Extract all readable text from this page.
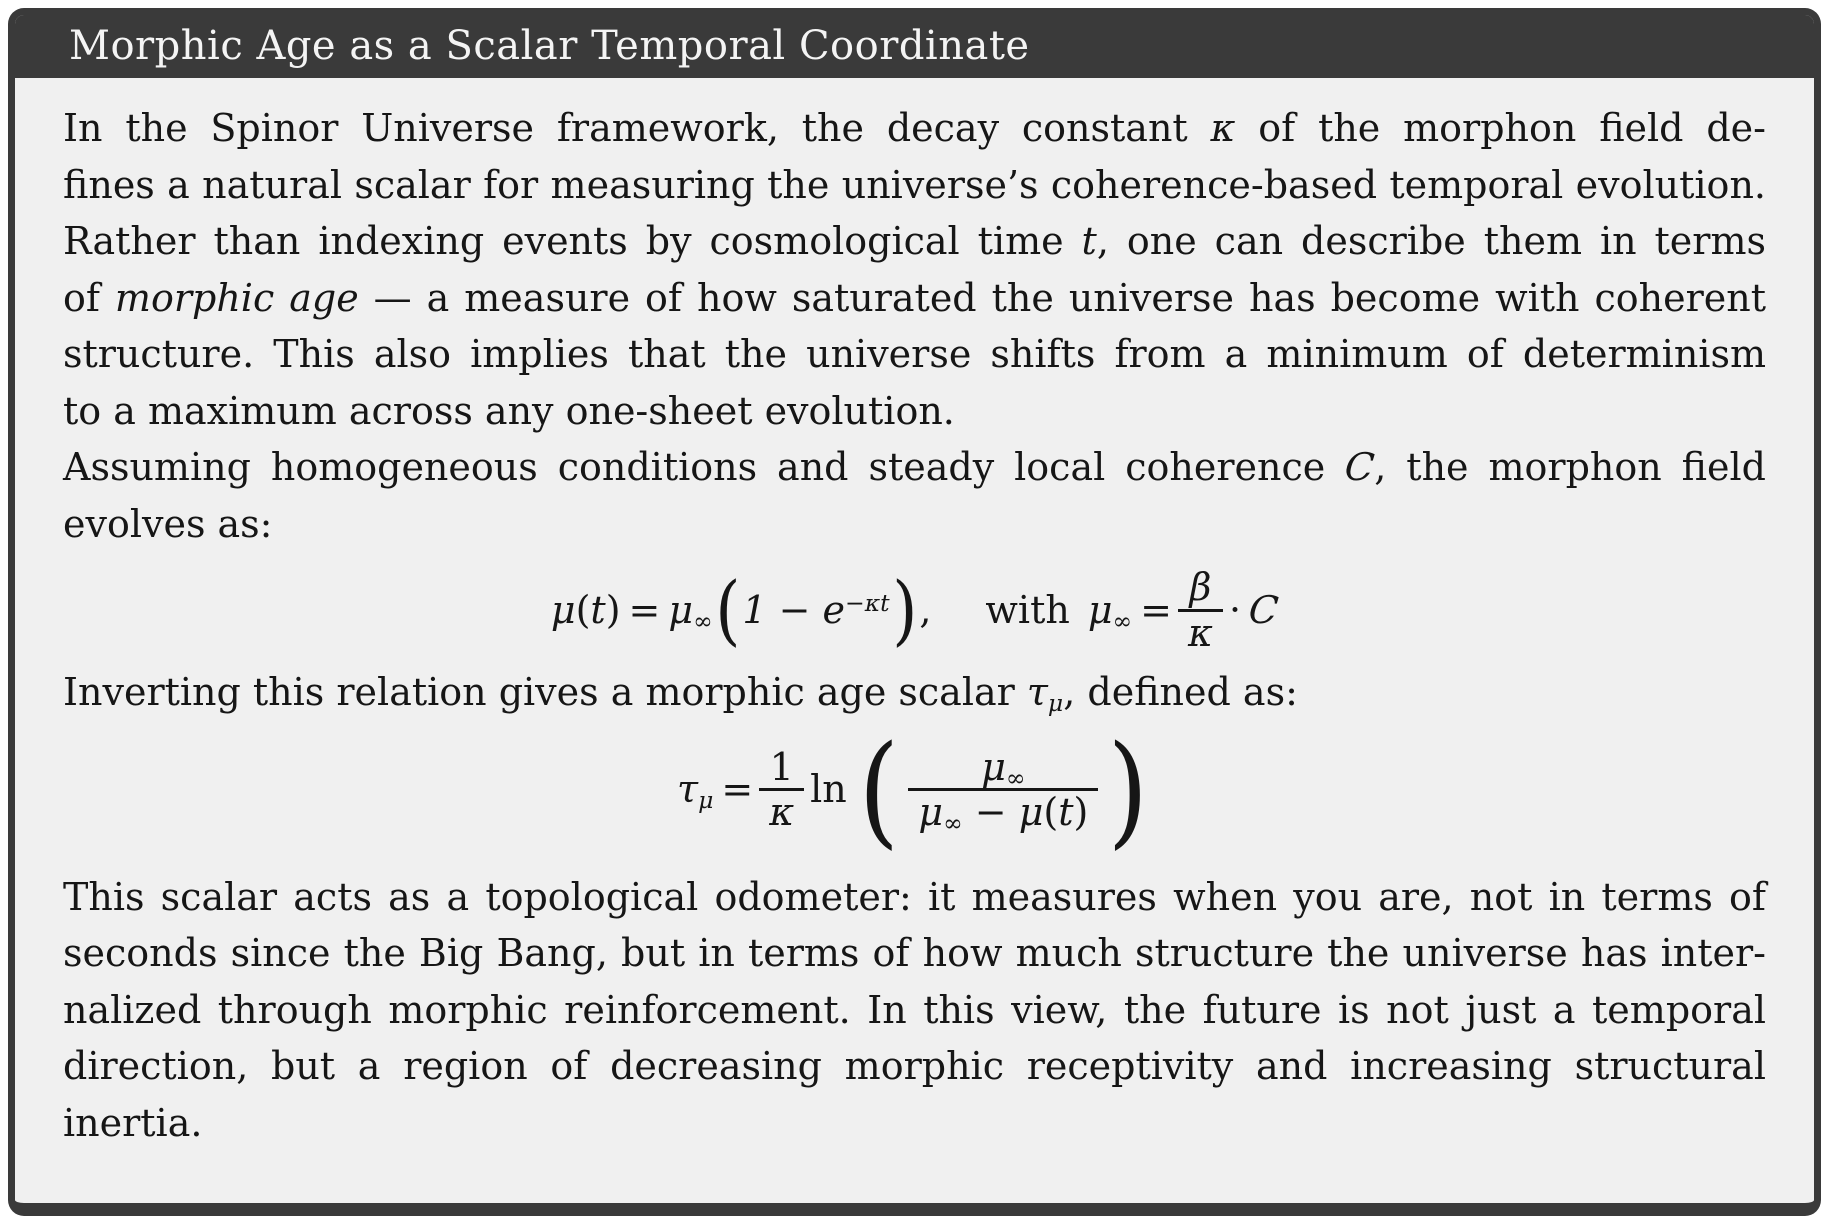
Morphic Age as a Scalar Temporal Coordinate
In the Spinor Universe framework, the decay constant κ of the morphon field de-
fines a natural scalar for measuring the universe’s coherence-based temporal evolution.
Rather than indexing events by cosmological time t, one can describe them in terms
of morphic age — a measure of how saturated the universe has become with coherent
structure. This also implies that the universe shifts from a minimum of determinism
to a maximum across any one-sheet evolution.
Assuming homogeneous conditions and steady local coherence C, the morphon field
evolves as:
$\mu(t) = \mu_\infty$ ( $1 - e^{-\kappa t}$ ) , with $\mu_\infty = \frac{\beta}{\kappa} \cdot C$
Inverting this relation gives a morphic age scalar $\tau_\mu$, defined as:
$\tau_\mu = \frac{1}{\kappa}$ ln ( $\frac{\mu_\infty}{\mu_\infty - \mu(t)}$ )
This scalar acts as a topological odometer: it measures when you are, not in terms of
seconds since the Big Bang, but in terms of how much structure the universe has inter-
nalized through morphic reinforcement. In this view, the future is not just a temporal
direction, but a region of decreasing morphic receptivity and increasing structural
inertia.
